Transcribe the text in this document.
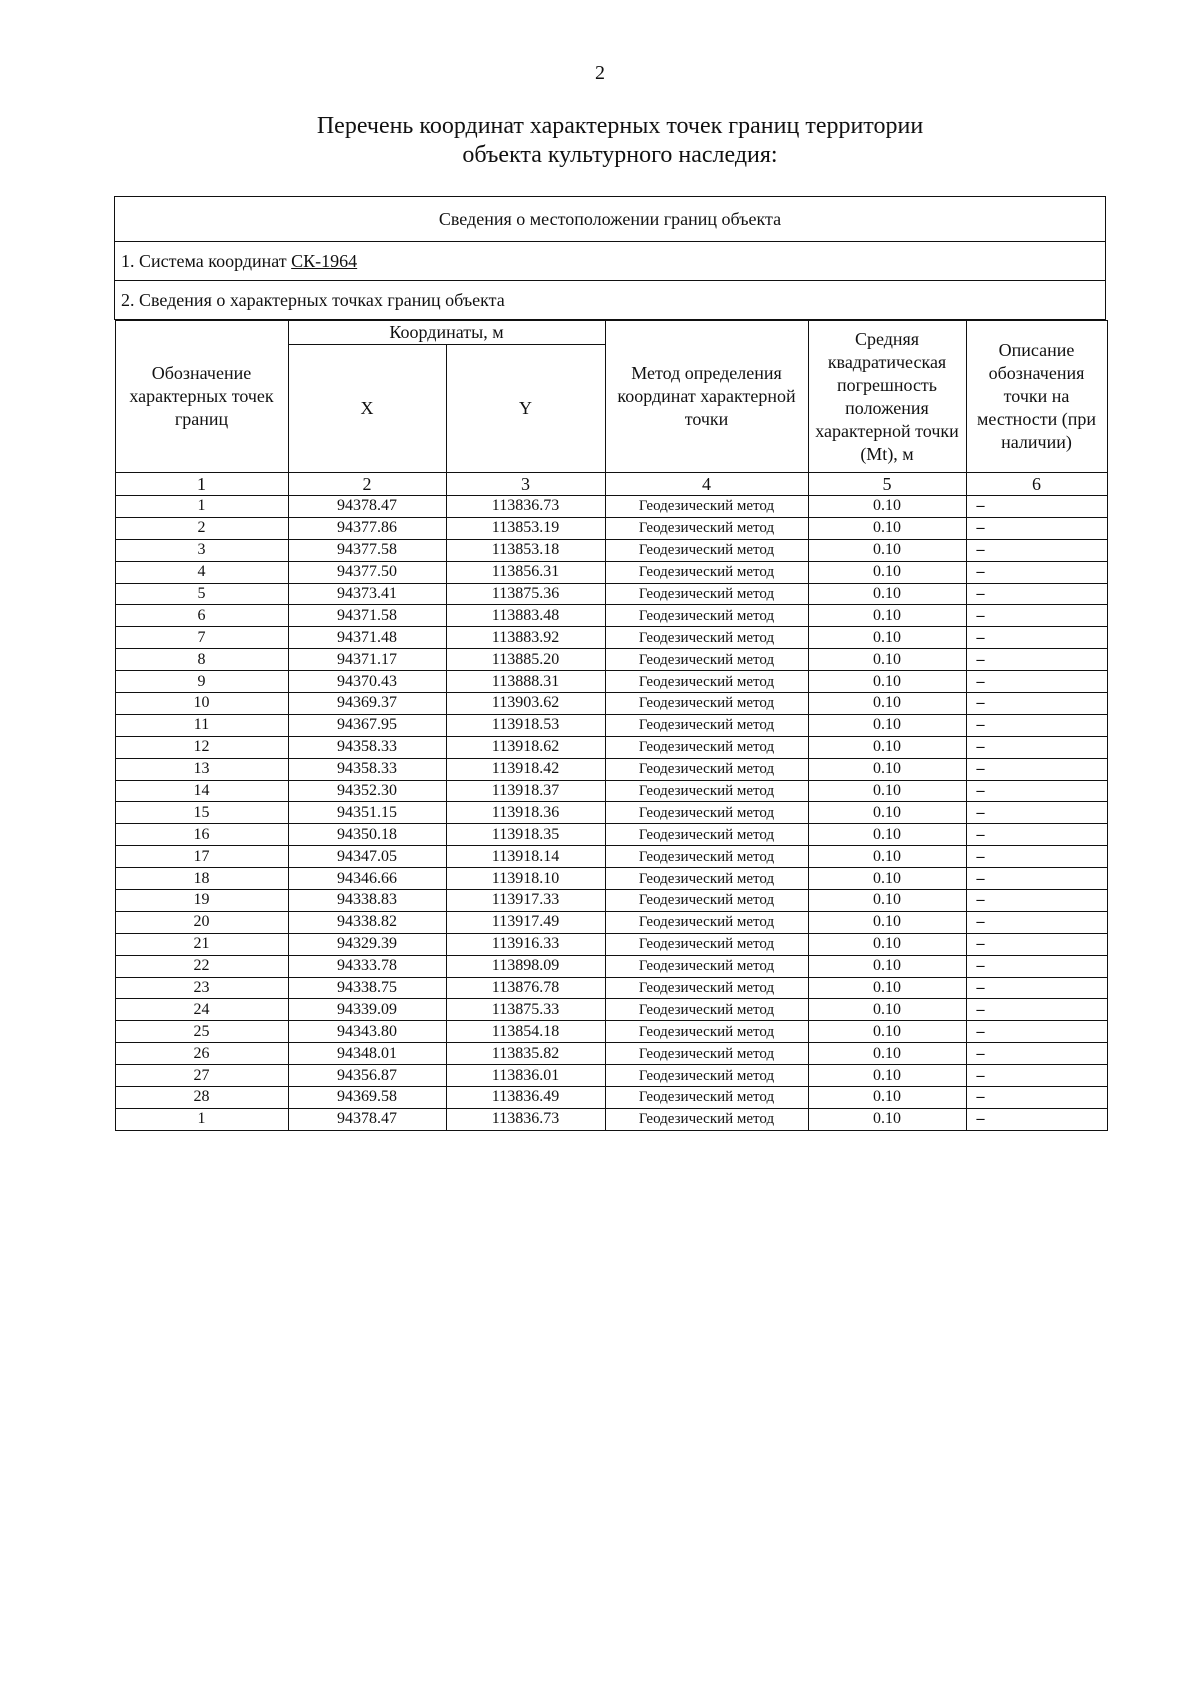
2
Перечень координат характерных точек границ территории
объекта культурного наследия:
Сведения о местоположении границ объекта
1. Система координат СК-1964
2. Сведения о характерных точках границ объекта

Обозначение характерных точек границ	Координаты, м	Метод определения координат характерной точки	Средняя квадратическая погрешность положения характерной точки (Mt), м	Описание обозначения точки на местности (при наличии)
X	Y
1	2	3	4	5	6
1	94378.47	113836.73	Геодезический метод	0.10	–
2	94377.86	113853.19	Геодезический метод	0.10	–
3	94377.58	113853.18	Геодезический метод	0.10	–
4	94377.50	113856.31	Геодезический метод	0.10	–
5	94373.41	113875.36	Геодезический метод	0.10	–
6	94371.58	113883.48	Геодезический метод	0.10	–
7	94371.48	113883.92	Геодезический метод	0.10	–
8	94371.17	113885.20	Геодезический метод	0.10	–
9	94370.43	113888.31	Геодезический метод	0.10	–
10	94369.37	113903.62	Геодезический метод	0.10	–
11	94367.95	113918.53	Геодезический метод	0.10	–
12	94358.33	113918.62	Геодезический метод	0.10	–
13	94358.33	113918.42	Геодезический метод	0.10	–
14	94352.30	113918.37	Геодезический метод	0.10	–
15	94351.15	113918.36	Геодезический метод	0.10	–
16	94350.18	113918.35	Геодезический метод	0.10	–
17	94347.05	113918.14	Геодезический метод	0.10	–
18	94346.66	113918.10	Геодезический метод	0.10	–
19	94338.83	113917.33	Геодезический метод	0.10	–
20	94338.82	113917.49	Геодезический метод	0.10	–
21	94329.39	113916.33	Геодезический метод	0.10	–
22	94333.78	113898.09	Геодезический метод	0.10	–
23	94338.75	113876.78	Геодезический метод	0.10	–
24	94339.09	113875.33	Геодезический метод	0.10	–
25	94343.80	113854.18	Геодезический метод	0.10	–
26	94348.01	113835.82	Геодезический метод	0.10	–
27	94356.87	113836.01	Геодезический метод	0.10	–
28	94369.58	113836.49	Геодезический метод	0.10	–
1	94378.47	113836.73	Геодезический метод	0.10	–
